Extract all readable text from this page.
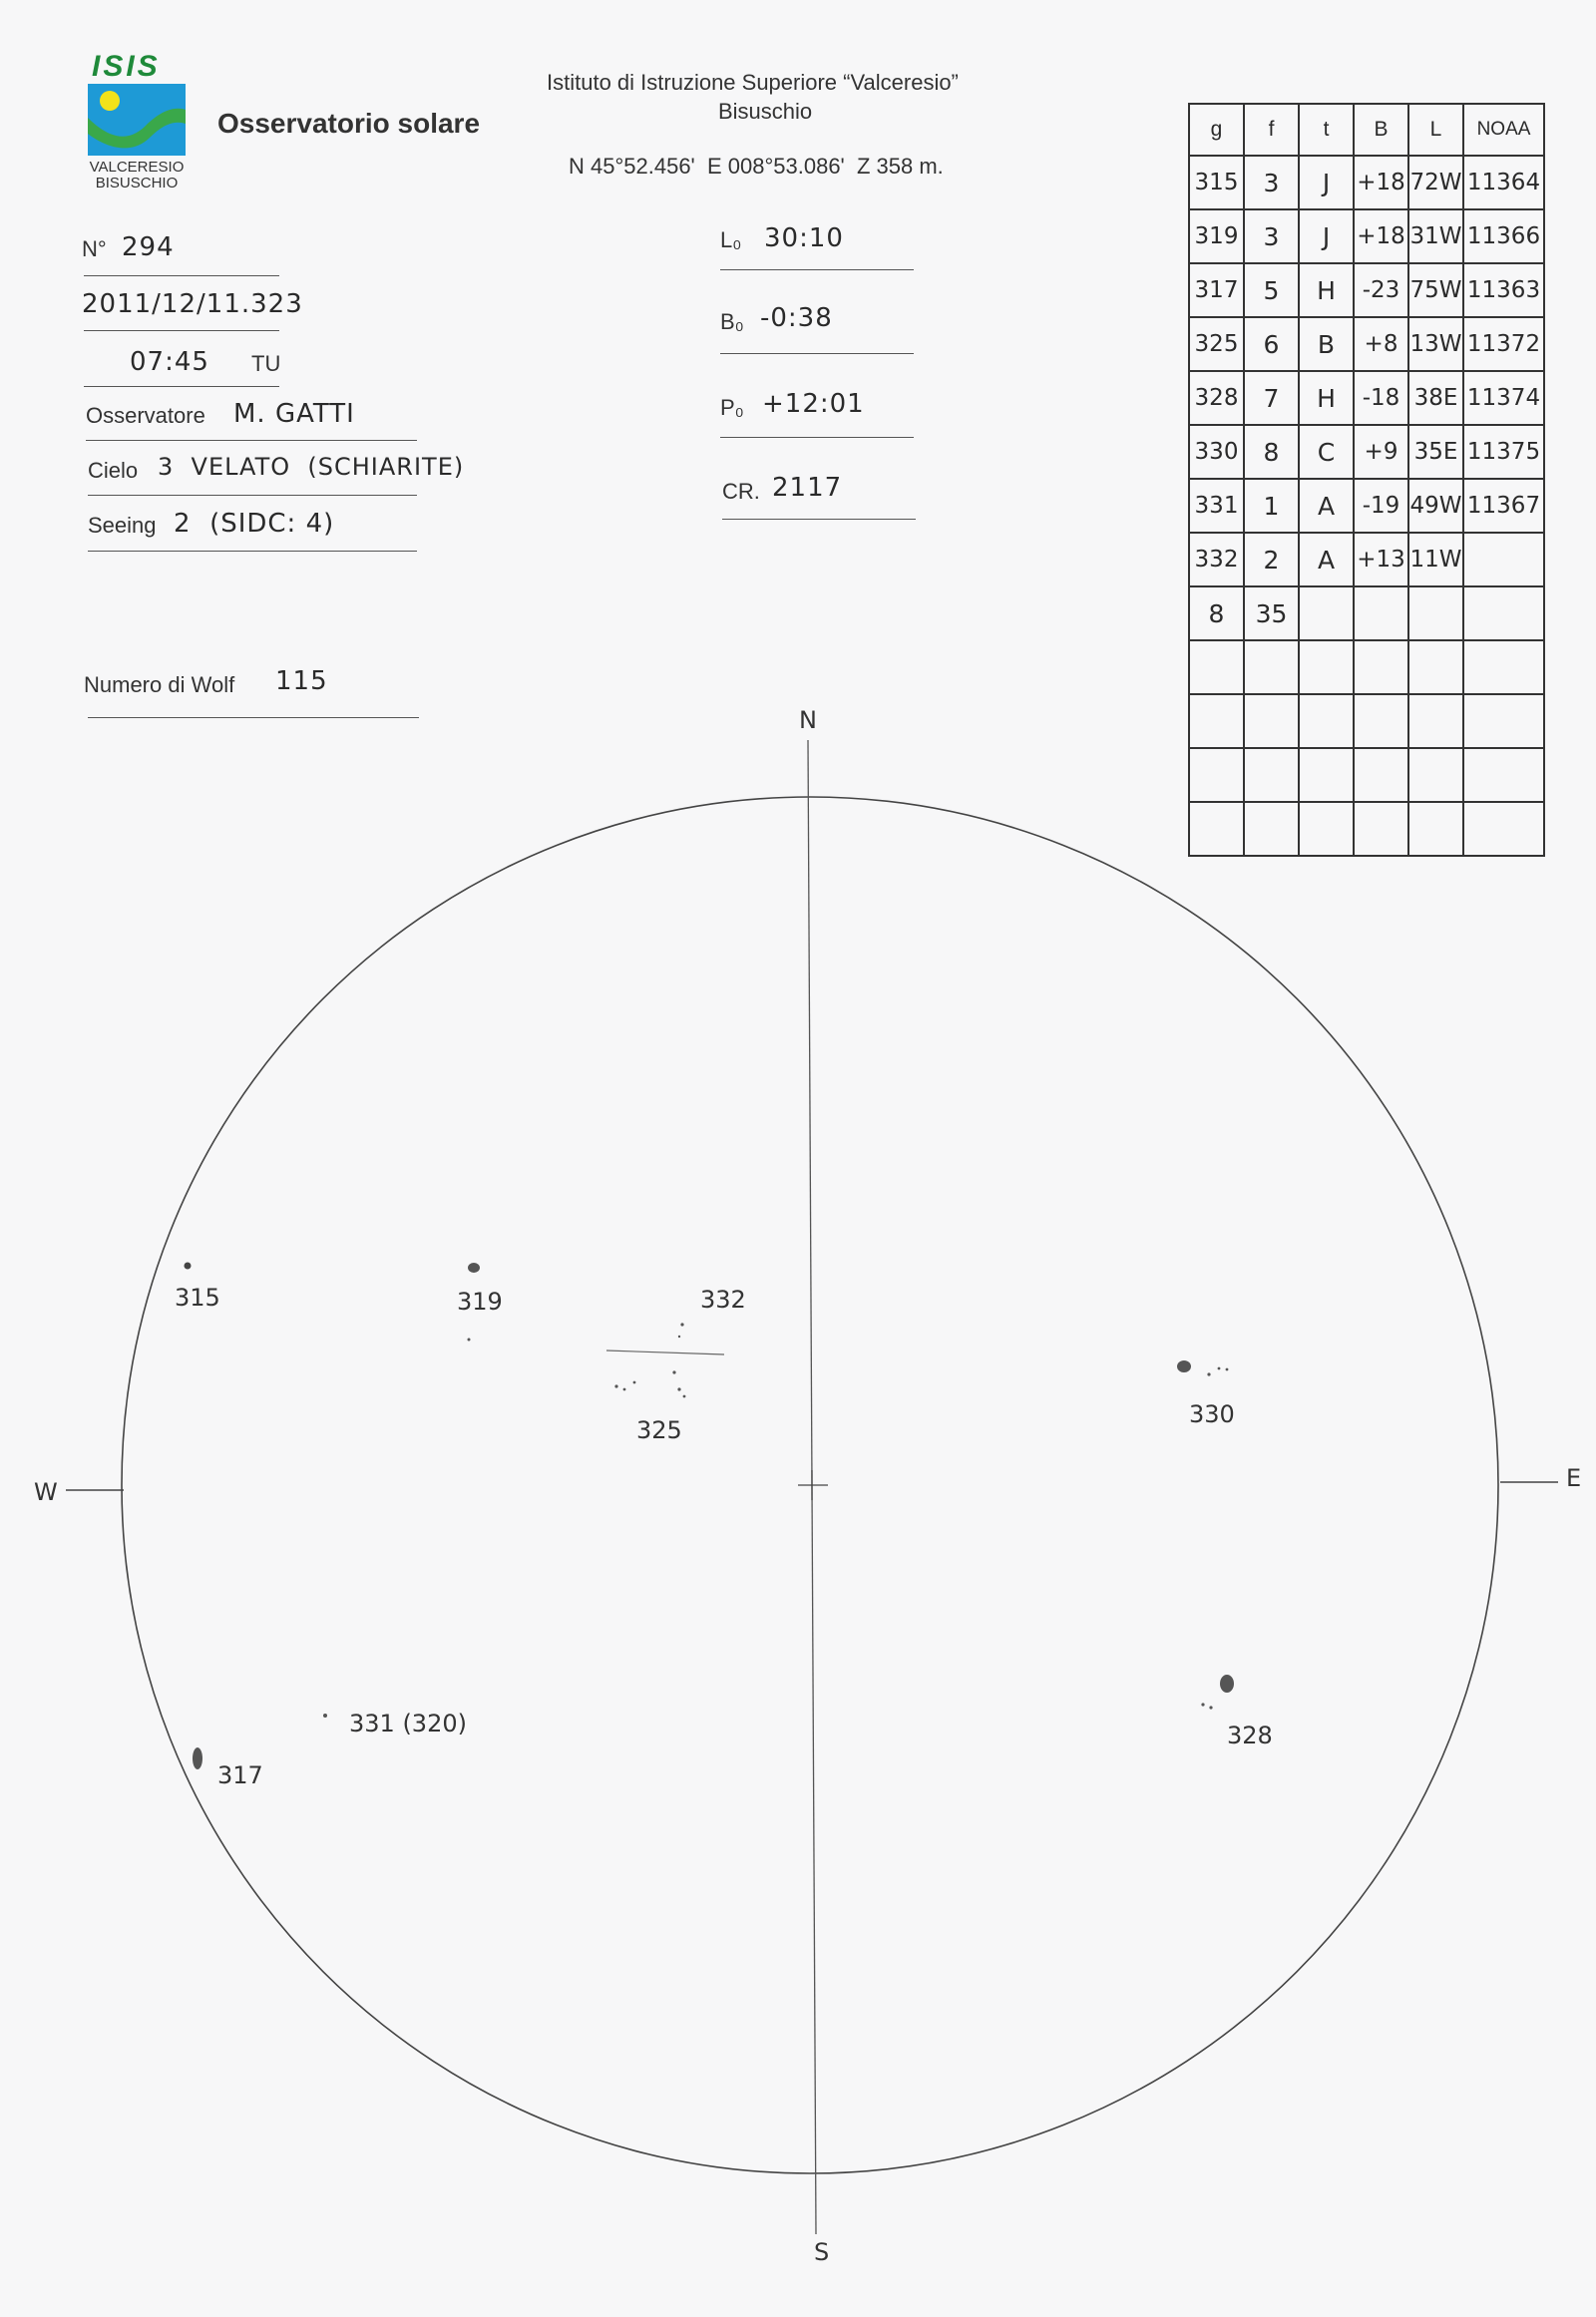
ISIS
VALCERESIO
BISUSCHIO
Osservatorio solare
Istituto di Istruzione Superiore “Valceresio”
Bisuschio
N 45°52.456'  E 008°53.086'  Z 358 m.
N° 294
2011/12/11.323
07:45 TU
Osservatore M. GATTI
Cielo 3  VELATO  (SCHIARITE)
Seeing 2  (SIDC: 4)
Numero di Wolf 115
L₀ 30:10
B₀ -0:38
P₀ +12:01
CR. 2117
g	f	t	B	L	NOAA
315	3	J	+18	72W	11364
319	3	J	+18	31W	11366
317	5	H	-23	75W	11363
325	6	B	+8	13W	11372
328	7	H	-18	38E	11374
330	8	C	+9	35E	11375
331	1	A	-19	49W	11367
332	2	A	+13	11W	
8	35				

N
S
W	E
315	319	332
325
330
331 (320)
317
328
